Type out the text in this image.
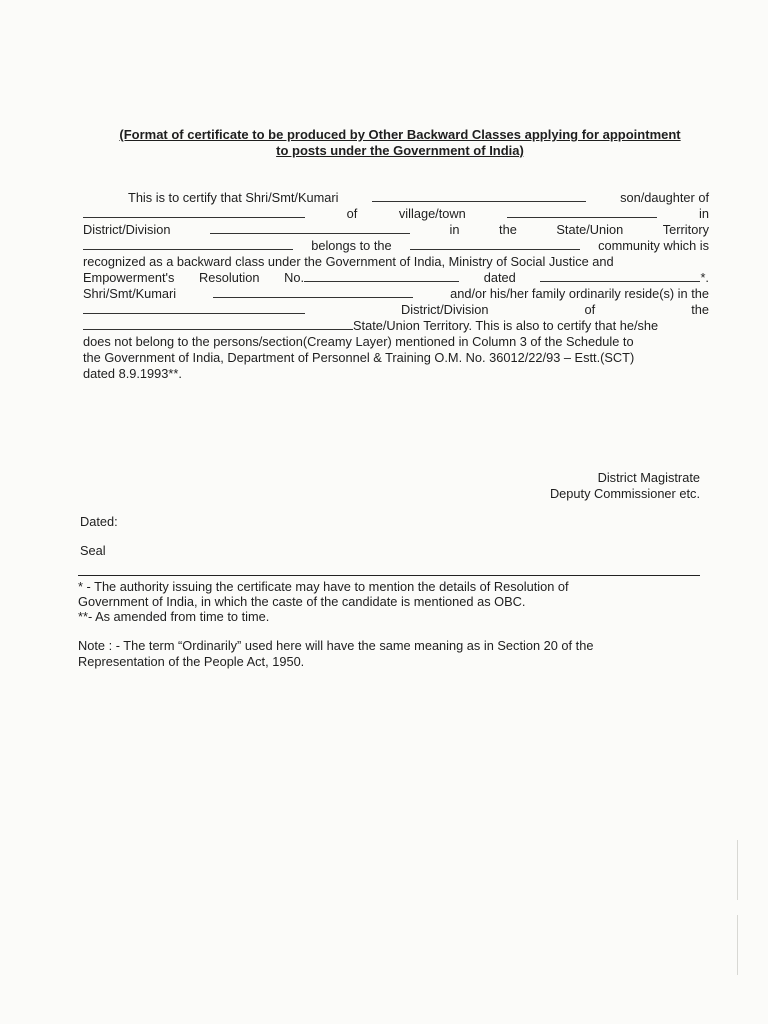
(Format of certificate to be produced by Other Backward Classes applying for appointment
to posts under the Government of India)
This is to certify that Shri/Smt/Kumari	son/daughter of
of	village/town	in
District/Division	in	the	State/Union	Territory
belongs to the	community which is
recognized as a backward class under the Government of India, Ministry of Social Justice and
Empowerment's Resolution No.	dated	*.
Shri/Smt/Kumari	and/or his/her family ordinarily reside(s) in the
District/Division	of	the
State/Union Territory. This is also to certify that he/she
does not belong to the persons/section(Creamy Layer) mentioned in Column 3 of the Schedule to
the Government of India, Department of Personnel & Training O.M. No. 36012/22/93 – Estt.(SCT)
dated 8.9.1993**.
District Magistrate
Deputy Commissioner etc.
Dated:
Seal
* - The authority issuing the certificate may have to mention the details of Resolution of
Government of India, in which the caste of the candidate is mentioned as OBC.
**- As amended from time to time.
Note : - The term “Ordinarily” used here will have the same meaning as in Section 20 of the
Representation of the People Act, 1950.
